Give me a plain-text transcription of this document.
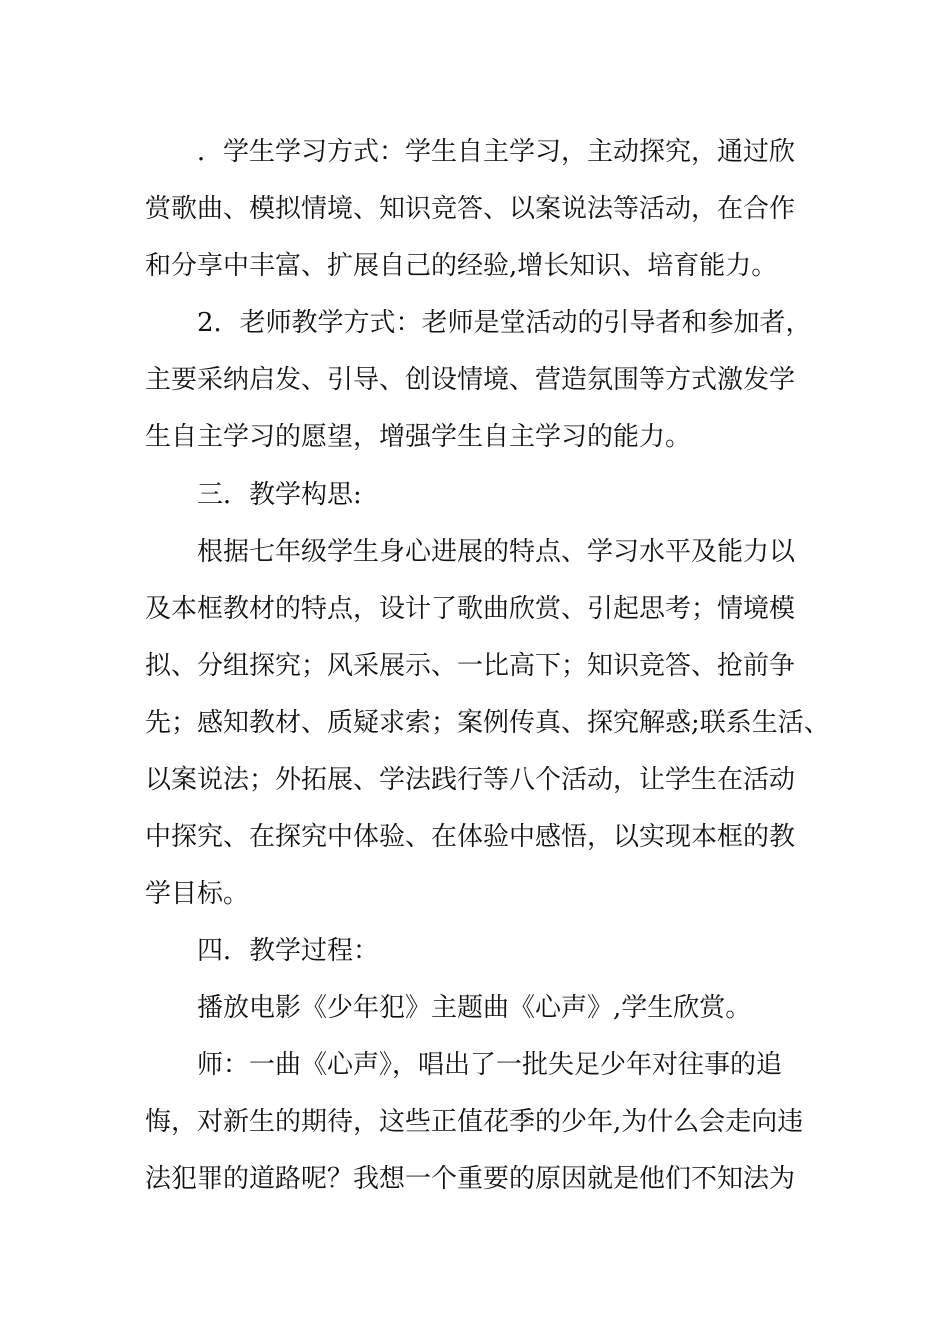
．学生学习方式：学生自主学习，主动探究，通过欣
赏歌曲、模拟情境、知识竞答、以案说法等活动，在合作
和分享中丰富、扩展自己的经验,增长知识、培育能力。
2．老师教学方式：老师是堂活动的引导者和参加者，
主要采纳启发、引导、创设情境、营造氛围等方式激发学
生自主学习的愿望，增强学生自主学习的能力。
三．教学构思:
根据七年级学生身心进展的特点、学习水平及能力以
及本框教材的特点，设计了歌曲欣赏、引起思考；情境模
拟、分组探究；风采展示、一比高下；知识竞答、抢前争
先；感知教材、质疑求索；案例传真、探究解惑;联系生活、
以案说法；外拓展、学法践行等八个活动，让学生在活动
中探究、在探究中体验、在体验中感悟，以实现本框的教
学目标。
四．教学过程：
播放电影《少年犯》主题曲《心声》,学生欣赏。
师：一曲《心声》，唱出了一批失足少年对往事的追
悔，对新生的期待，这些正值花季的少年,为什么会走向违
法犯罪的道路呢？我想一个重要的原因就是他们不知法为
